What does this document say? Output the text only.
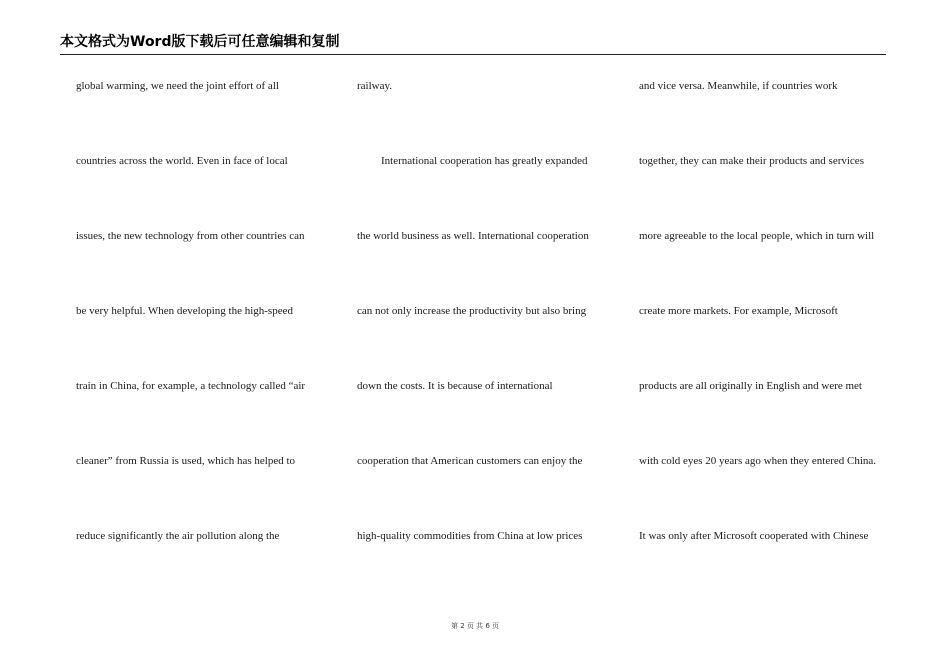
本文格式为Word版下载后可任意编辑和复制
global warming, we need the joint effort of all
countries across the world. Even in face of local
issues, the new technology from other countries can
be very helpful. When developing the high-speed
train in China, for example, a technology called “air
cleaner” from Russia is used, which has helped to
reduce significantly the air pollution along the
railway.
International cooperation has greatly expanded
the world business as well. International cooperation
can not only increase the productivity but also bring
down the costs. It is because of international
cooperation that American customers can enjoy the
high-quality commodities from China at low prices
and vice versa. Meanwhile, if countries work
together, they can make their products and services
more agreeable to the local people, which in turn will
create more markets. For example, Microsoft
products are all originally in English and were met
with cold eyes 20 years ago when they entered China.
It was only after Microsoft cooperated with Chinese
第 2 页 共 6 页
